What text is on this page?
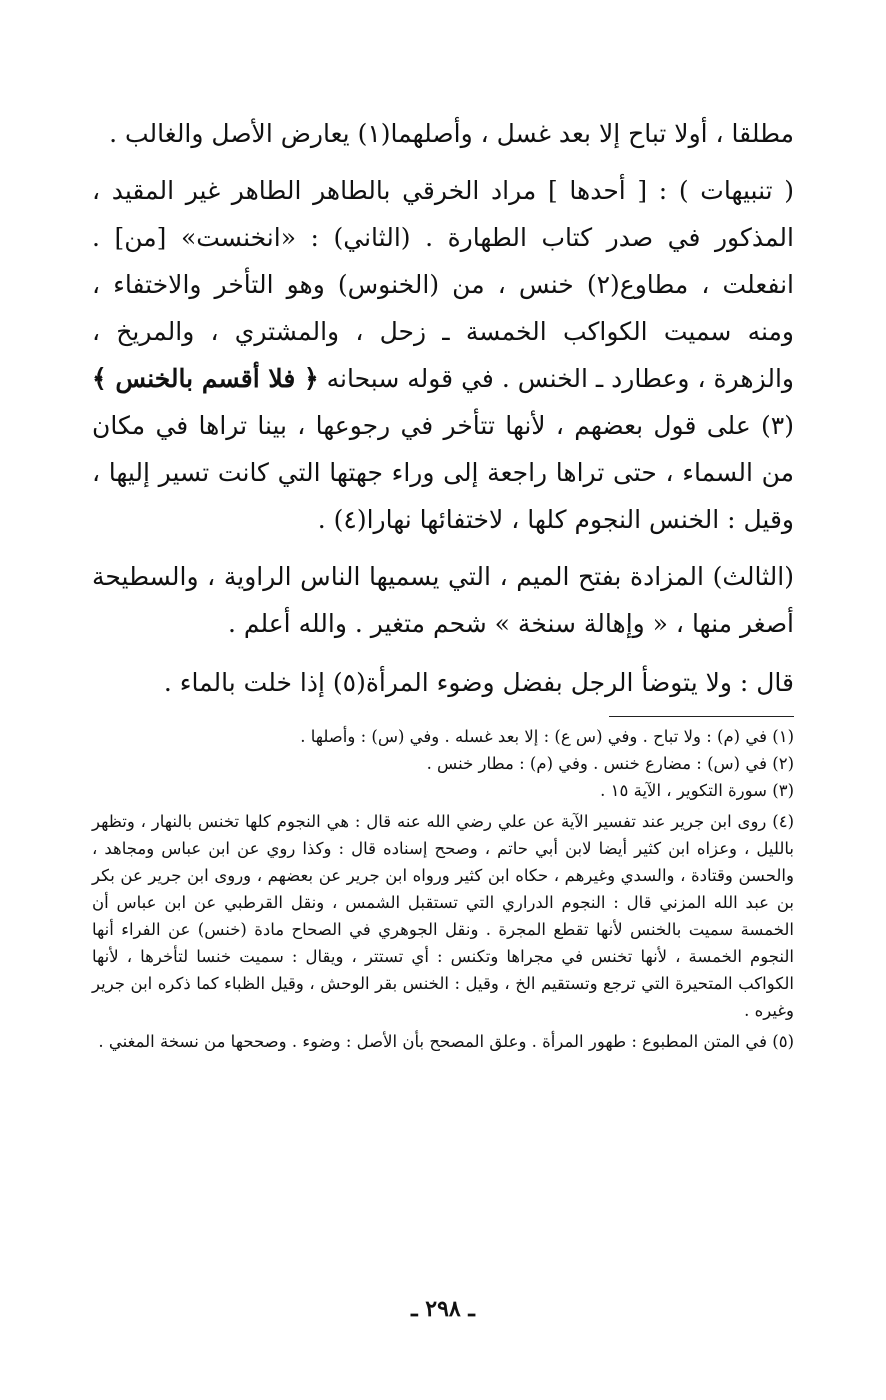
مطلقا ، أولا تباح إلا بعد غسل ، وأصلهما(١) يعارض الأصل والغالب .

( تنبيهات ) : [ أحدها ] مراد الخرقي بالطاهر الطاهر غير المقيد ، المذكور في صدر كتاب الطهارة . (الثاني) : «انخنست» [من] . انفعلت ، مطاوع(٢) خنس ، من (الخنوس) وهو التأخر والاختفاء ، ومنه سميت الكواكب الخمسة ـ زحل ، والمشتري ، والمريخ ، والزهرة ، وعطارد ـ الخنس . في قوله سبحانه ﴿ فلا أقسم بالخنس ﴾(٣) على قول بعضهم ، لأنها تتأخر في رجوعها ، بينا تراها في مكان من السماء ، حتى تراها راجعة إلى وراء جهتها التي كانت تسير إليها ، وقيل : الخنس النجوم كلها ، لاختفائها نهارا(٤) .

(الثالث) المزادة بفتح الميم ، التي يسميها الناس الراوية ، والسطيحة أصغر منها ، « وإهالة سنخة » شحم متغير . والله أعلم .

قال : ولا يتوضأ الرجل بفضل وضوء المرأة(٥) إذا خلت بالماء .

(١) في (م) : ولا تباح . وفي (س ع) : إلا بعد غسله . وفي (س) : وأصلها .

(٢) في (س) : مضارع خنس . وفي (م) : مطار خنس .

(٣) سورة التكوير ، الآية ١٥ .

(٤) روى ابن جرير عند تفسير الآية عن علي رضي الله عنه قال : هي النجوم كلها تخنس بالنهار ، وتظهر بالليل ، وعزاه ابن كثير أيضا لابن أبي حاتم ، وصحح إسناده قال : وكذا روي عن ابن عباس ومجاهد ، والحسن وقتادة ، والسدي وغيرهم ، حكاه ابن كثير ورواه ابن جرير عن بعضهم ، وروى ابن جرير عن بكر بن عبد الله المزني قال : النجوم الدراري التي تستقبل الشمس ، ونقل القرطبي عن ابن عباس أن الخمسة سميت بالخنس لأنها تقطع المجرة . ونقل الجوهري في الصحاح مادة (خنس) عن الفراء أنها النجوم الخمسة ، لأنها تخنس في مجراها وتكنس : أي تستتر ، ويقال : سميت خنسا لتأخرها ، لأنها الكواكب المتحيرة التي ترجع وتستقيم الخ ، وقيل : الخنس بقر الوحش ، وقيل الظباء كما ذكره ابن جرير وغيره .

(٥) في المتن المطبوع : طهور المرأة . وعلق المصحح بأن الأصل : وضوء . وصححها من نسخة المغني .

ـ ٢٩٨ ـ
